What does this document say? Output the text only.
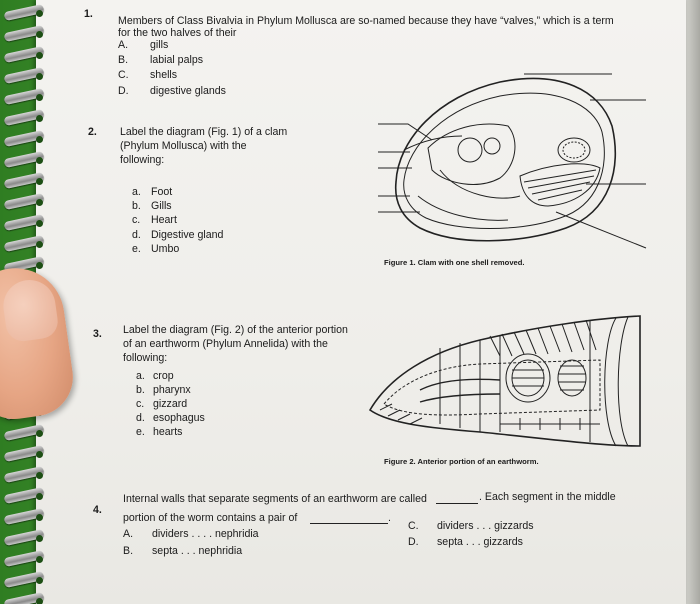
1.
Members of Class Bivalvia in Phylum Mollusca are so-named because they have “valves,” which is a term
for the two halves of their
A. gills
B. labial palps
C. shells
D. digestive glands
2. Label the diagram (Fig. 1) of a clam
(Phylum Mollusca) with the
following:
a. Foot
b. Gills
c. Heart
d. Digestive gland
e. Umbo
Figure 1. Clam with one shell removed.
3. Label the diagram (Fig. 2) of the anterior portion
of an earthworm (Phylum Annelida) with the
following:
a. crop
b. pharynx
c. gizzard
d. esophagus
e. hearts
Figure 2. Anterior portion of an earthworm.
4.
Internal walls that separate segments of an earthworm are called	. Each segment in the middle
portion of the worm contains a pair of	.
A. dividers . . . . nephridia
B. septa . . . nephridia
C. dividers . . . gizzards
D. septa . . . gizzards
